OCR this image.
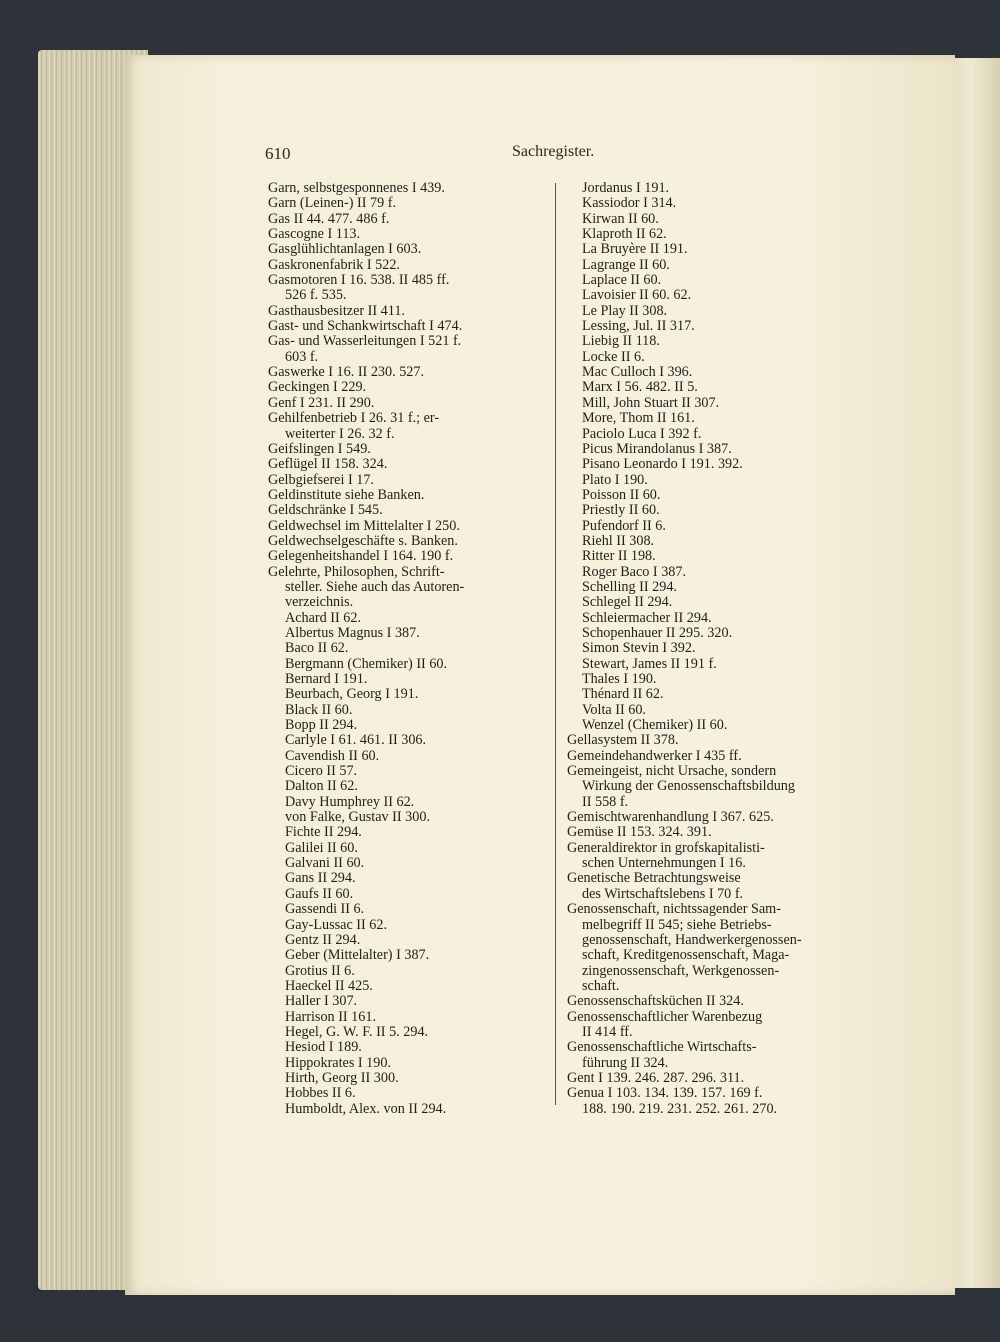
610	Sachregister.
Garn, selbstgesponnenes I 439.
Garn (Leinen-) II 79 f.
Gas II 44. 477. 486 f.
Gascogne I 113.
Gasglühlichtanlagen I 603.
Gaskronenfabrik I 522.
Gasmotoren I 16. 538. II 485 ff.
526 f. 535.
Gasthausbesitzer II 411.
Gast- und Schankwirtschaft I 474.
Gas- und Wasserleitungen I 521 f.
603 f.
Gaswerke I 16. II 230. 527.
Geckingen I 229.
Genf I 231. II 290.
Gehilfenbetrieb I 26. 31 f.; er-
weiterter I 26. 32 f.
Geifslingen I 549.
Geflügel II 158. 324.
Gelbgiefserei I 17.
Geldinstitute siehe Banken.
Geldschränke I 545.
Geldwechsel im Mittelalter I 250.
Geldwechselgeschäfte s. Banken.
Gelegenheitshandel I 164. 190 f.
Gelehrte, Philosophen, Schrift-
steller. Siehe auch das Autoren-
verzeichnis.
Achard II 62.
Albertus Magnus I 387.
Baco II 62.
Bergmann (Chemiker) II 60.
Bernard I 191.
Beurbach, Georg I 191.
Black II 60.
Bopp II 294.
Carlyle I 61. 461. II 306.
Cavendish II 60.
Cicero II 57.
Dalton II 62.
Davy Humphrey II 62.
von Falke, Gustav II 300.
Fichte II 294.
Galilei II 60.
Galvani II 60.
Gans II 294.
Gaufs II 60.
Gassendi II 6.
Gay-Lussac II 62.
Gentz II 294.
Geber (Mittelalter) I 387.
Grotius II 6.
Haeckel II 425.
Haller I 307.
Harrison II 161.
Hegel, G. W. F. II 5. 294.
Hesiod I 189.
Hippokrates I 190.
Hirth, Georg II 300.
Hobbes II 6.
Humboldt, Alex. von II 294.
Jordanus I 191.
Kassiodor I 314.
Kirwan II 60.
Klaproth II 62.
La Bruyère II 191.
Lagrange II 60.
Laplace II 60.
Lavoisier II 60. 62.
Le Play II 308.
Lessing, Jul. II 317.
Liebig II 118.
Locke II 6.
Mac Culloch I 396.
Marx I 56. 482. II 5.
Mill, John Stuart II 307.
More, Thom II 161.
Paciolo Luca I 392 f.
Picus Mirandolanus I 387.
Pisano Leonardo I 191. 392.
Plato I 190.
Poisson II 60.
Priestly II 60.
Pufendorf II 6.
Riehl II 308.
Ritter II 198.
Roger Baco I 387.
Schelling II 294.
Schlegel II 294.
Schleiermacher II 294.
Schopenhauer II 295. 320.
Simon Stevin I 392.
Stewart, James II 191 f.
Thales I 190.
Thénard II 62.
Volta II 60.
Wenzel (Chemiker) II 60.
Gellasystem II 378.
Gemeindehandwerker I 435 ff.
Gemeingeist, nicht Ursache, sondern
Wirkung der Genossenschaftsbildung
II 558 f.
Gemischtwarenhandlung I 367. 625.
Gemüse II 153. 324. 391.
Generaldirektor in grofskapitalisti-
schen Unternehmungen I 16.
Genetische Betrachtungsweise
des Wirtschaftslebens I 70 f.
Genossenschaft, nichtssagender Sam-
melbegriff II 545; siehe Betriebs-
genossenschaft, Handwerkergenossen-
schaft, Kreditgenossenschaft, Maga-
zingenossenschaft, Werkgenossen-
schaft.
Genossenschaftsküchen II 324.
Genossenschaftlicher Warenbezug
II 414 ff.
Genossenschaftliche Wirtschafts-
führung II 324.
Gent I 139. 246. 287. 296. 311.
Genua I 103. 134. 139. 157. 169 f.
188. 190. 219. 231. 252. 261. 270.
